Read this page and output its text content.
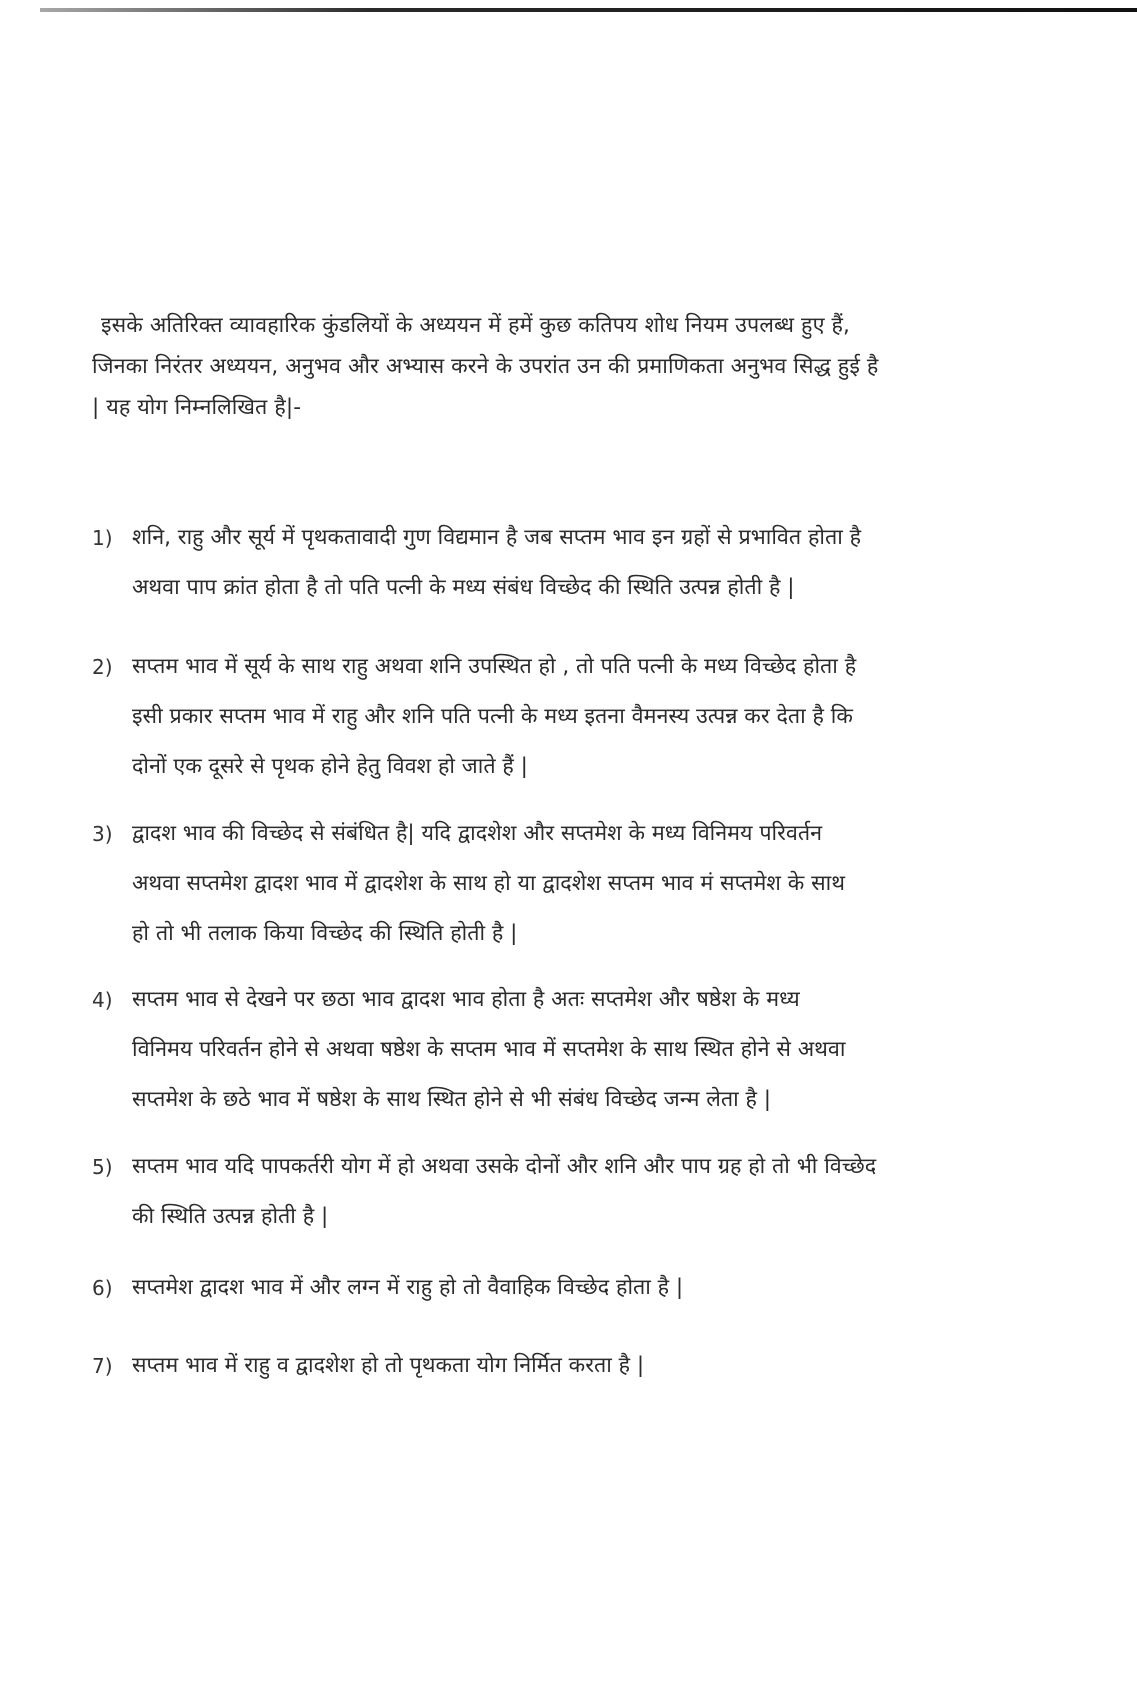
इसके अतिरिक्त व्यावहारिक कुंडलियों के अध्ययन में हमें कुछ कतिपय शोध नियम उपलब्ध हुए हैं,
जिनका निरंतर अध्ययन, अनुभव और अभ्यास करने के उपरांत उन की प्रमाणिकता अनुभव सिद्ध हुई है
| यह योग निम्नलिखित है|-
1) शनि, राहु और सूर्य में पृथकतावादी गुण विद्यमान है जब सप्तम भाव इन ग्रहों से प्रभावित होता है
अथवा पाप क्रांत होता है तो पति पत्नी के मध्य संबंध विच्छेद की स्थिति उत्पन्न होती है |
2) सप्तम भाव में सूर्य के साथ राहु अथवा शनि उपस्थित हो , तो पति पत्नी के मध्य विच्छेद होता है
इसी प्रकार सप्तम भाव में राहु और शनि पति पत्नी के मध्य इतना वैमनस्य उत्पन्न कर देता है कि
दोनों एक दूसरे से पृथक होने हेतु विवश हो जाते हैं |
3) द्वादश भाव की विच्छेद से संबंधित है| यदि द्वादशेश और सप्तमेश के मध्य विनिमय परिवर्तन
अथवा सप्तमेश द्वादश भाव में द्वादशेश के साथ हो या द्वादशेश सप्तम भाव मं सप्तमेश के साथ
हो तो भी तलाक किया विच्छेद की स्थिति होती है |
4) सप्तम भाव से देखने पर छठा भाव द्वादश भाव होता है अतः सप्तमेश और षष्ठेश के मध्य
विनिमय परिवर्तन होने से अथवा षष्ठेश के सप्तम भाव में सप्तमेश के साथ स्थित होने से अथवा
सप्तमेश के छठे भाव में षष्ठेश के साथ स्थित होने से भी संबंध विच्छेद जन्म लेता है |
5) सप्तम भाव यदि पापकर्तरी योग में हो अथवा उसके दोनों और शनि और पाप ग्रह हो तो भी विच्छेद
की स्थिति उत्पन्न होती है |
6) सप्तमेश द्वादश भाव में और लग्न में राहु हो तो वैवाहिक विच्छेद होता है |
7) सप्तम भाव में राहु व द्वादशेश हो तो पृथकता योग निर्मित करता है |
